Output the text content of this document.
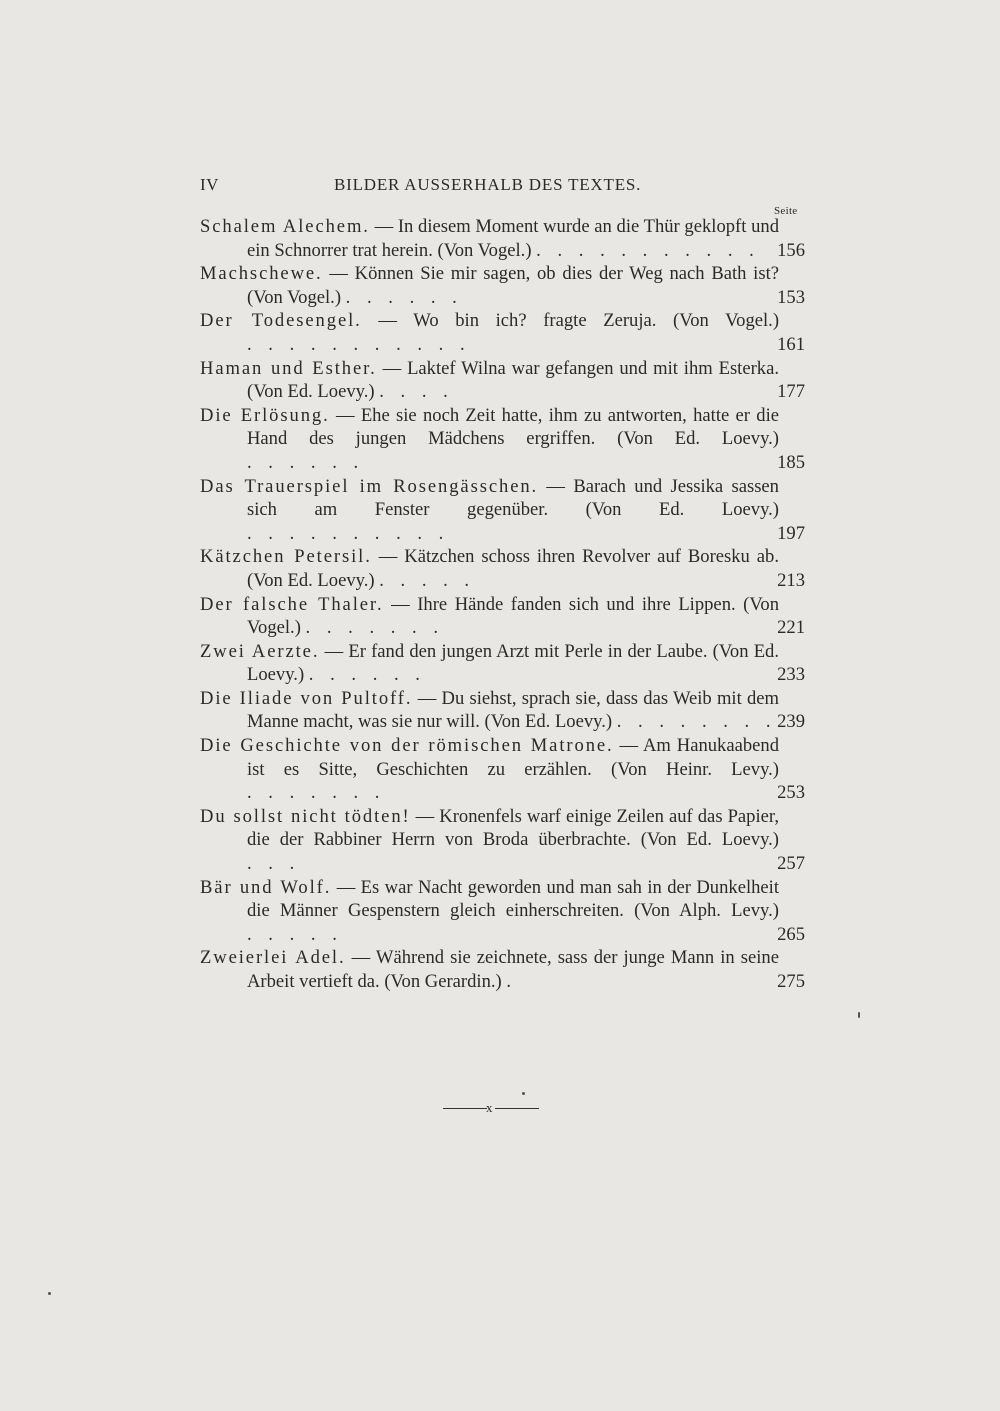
IV	BILDER AUSSERHALB DES TEXTES.
Seite
Schalem Alechem. — In diesem Moment wurde an die Thür geklopft und ein Schnorrer trat herein. (Von Vogel.) . . . . . . . . . . . 156
Machschewe. — Können Sie mir sagen, ob dies der Weg nach Bath ist? (Von Vogel.) . . . . . .	153
Der Todesengel. — Wo bin ich? fragte Zeruja. (Von Vogel.) . . . . . . . . . . .	161
Haman und Esther. — Laktef Wilna war gefangen und mit ihm Esterka. (Von Ed. Loevy.) . . . .	177
Die Erlösung. — Ehe sie noch Zeit hatte, ihm zu antworten, hatte er die Hand des jungen Mädchens ergriffen. (Von Ed. Loevy.) . . . . . .	185
Das Trauerspiel im Rosengässchen. — Barach und Jessika sassen sich am Fenster gegenüber. (Von Ed. Loevy.) . . . . . . . . . .	197
Kätzchen Petersil. — Kätzchen schoss ihren Revolver auf Boresku ab. (Von Ed. Loevy.) . . . . .	213
Der falsche Thaler. — Ihre Hände fanden sich und ihre Lippen. (Von Vogel.) . . . . . . .	221
Zwei Aerzte. — Er fand den jungen Arzt mit Perle in der Laube. (Von Ed. Loevy.) . . . . . .	233
Die Iliade von Pultoff. — Du siehst, sprach sie, dass das Weib mit dem Manne macht, was sie nur will. (Von Ed. Loevy.) . . . . . . . . 239
Die Geschichte von der römischen Matrone. — Am Hanukaabend ist es Sitte, Geschichten zu erzählen. (Von Heinr. Levy.) . . . . . . .	253
Du sollst nicht tödten! — Kronenfels warf einige Zeilen auf das Papier, die der Rabbiner Herrn von Broda überbrachte. (Von Ed. Loevy.) . . .	257
Bär und Wolf. — Es war Nacht geworden und man sah in der Dunkelheit die Männer Gespenstern gleich einherschreiten. (Von Alph. Levy.) . . . . .	265
Zweierlei Adel. — Während sie zeichnete, sass der junge Mann in seine Arbeit vertieft da. (Von Gerardin.) .	275
x
